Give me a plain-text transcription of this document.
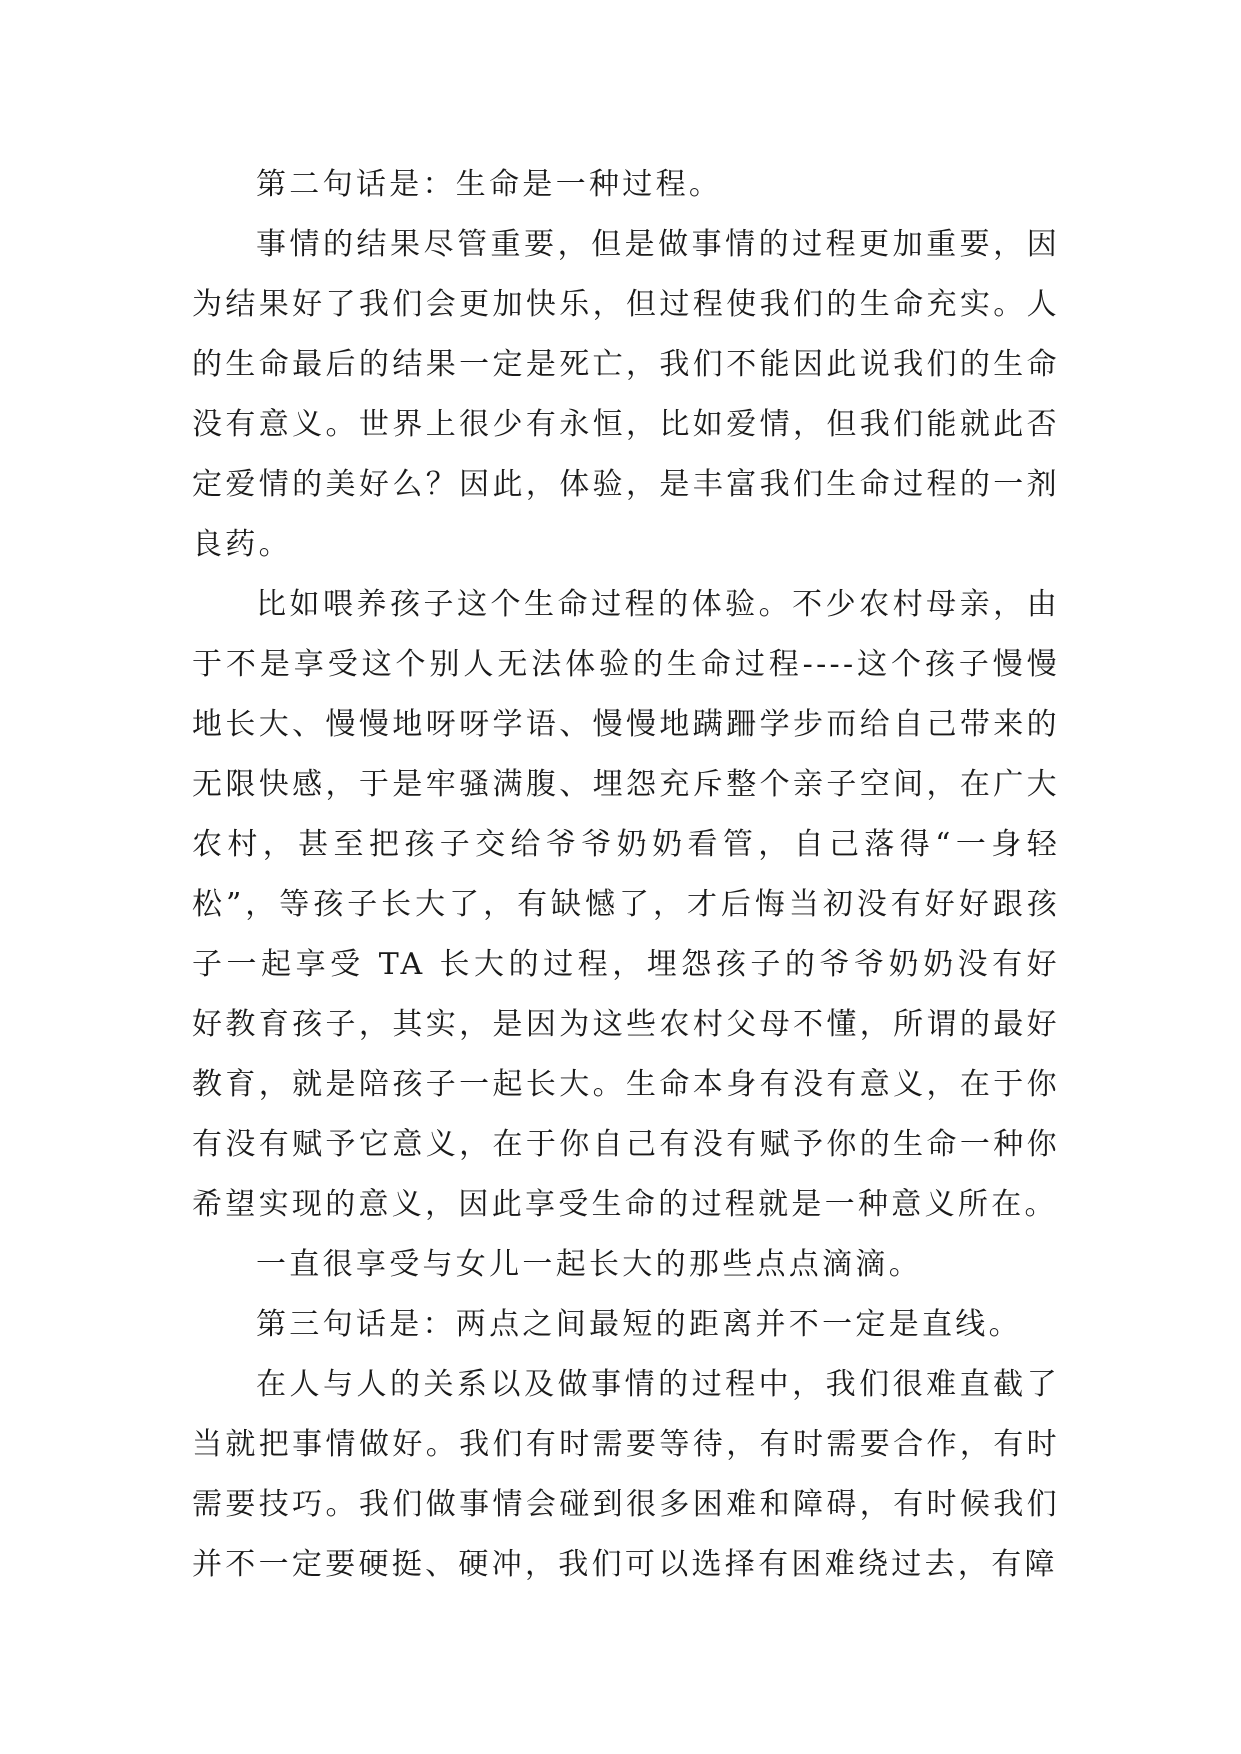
第二句话是：生命是一种过程。

事情的结果尽管重要，但是做事情的过程更加重要，因为结果好了我们会更加快乐，但过程使我们的生命充实。人的生命最后的结果一定是死亡，我们不能因此说我们的生命没有意义。世界上很少有永恒，比如爱情，但我们能就此否定爱情的美好么？因此，体验，是丰富我们生命过程的一剂良药。

比如喂养孩子这个生命过程的体验。不少农村母亲，由于不是享受这个别人无法体验的生命过程----这个孩子慢慢地长大、慢慢地呀呀学语、慢慢地蹒跚学步而给自己带来的无限快感，于是牢骚满腹、埋怨充斥整个亲子空间，在广大农村，甚至把孩子交给爷爷奶奶看管，自己落得“一身轻松”，等孩子长大了，有缺憾了，才后悔当初没有好好跟孩子一起享受 TA 长大的过程，埋怨孩子的爷爷奶奶没有好好教育孩子，其实，是因为这些农村父母不懂，所谓的最好教育，就是陪孩子一起长大。生命本身有没有意义，在于你有没有赋予它意义，在于你自己有没有赋予你的生命一种你希望实现的意义，因此享受生命的过程就是一种意义所在。

一直很享受与女儿一起长大的那些点点滴滴。

第三句话是：两点之间最短的距离并不一定是直线。

在人与人的关系以及做事情的过程中，我们很难直截了当就把事情做好。我们有时需要等待，有时需要合作，有时需要技巧。我们做事情会碰到很多困难和障碍，有时候我们并不一定要硬挺、硬冲，我们可以选择有困难绕过去，有障
